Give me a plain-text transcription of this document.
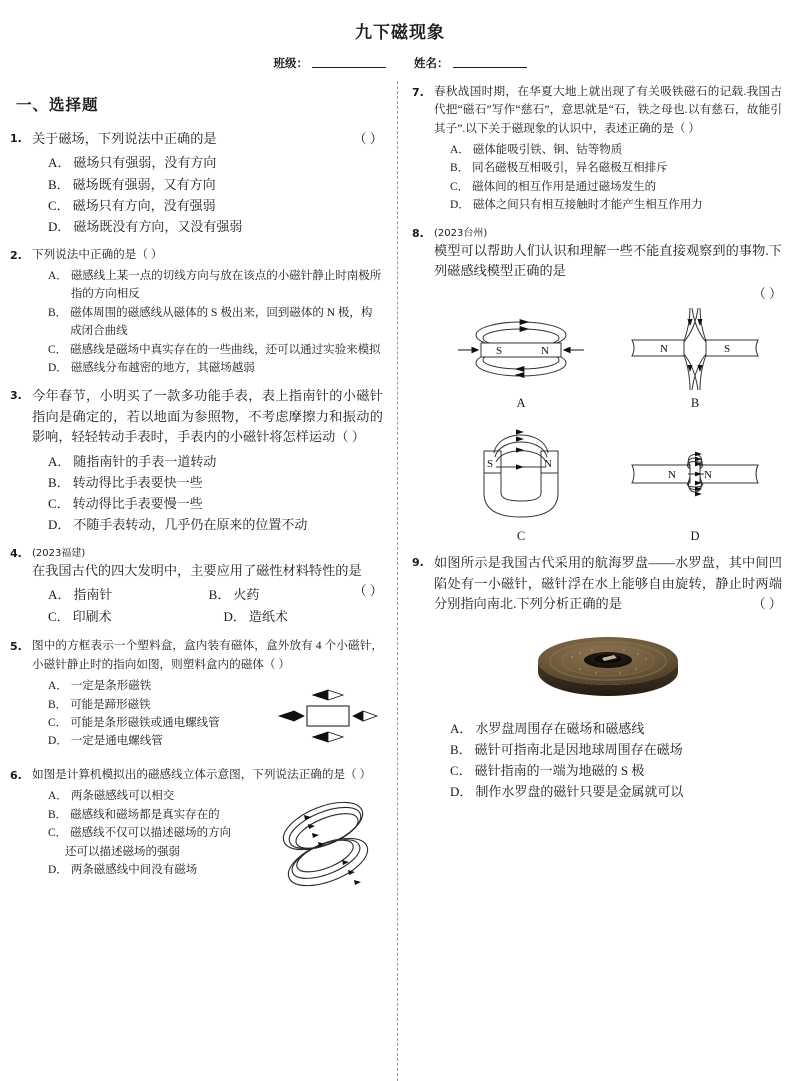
九下磁现象
班级：	姓名：
一、选择题
1. 关于磁场，下列说法中正确的是	（ ）
A． 磁场只有强弱，没有方向
B． 磁场既有强弱，又有方向
C． 磁场只有方向，没有强弱
D． 磁场既没有方向，又没有强弱
2. 下列说法中正确的是（ ）
A． 磁感线上某一点的切线方向与放在该点的小磁针静止时南极所指的方向相反
B． 磁体周围的磁感线从磁体的 S 极出来，回到磁体的 N 极，构成闭合曲线
C． 磁感线是磁场中真实存在的一些曲线，还可以通过实验来模拟
D． 磁感线分布越密的地方，其磁场越弱
3. 今年春节，小明买了一款多功能手表，表上指南针的小磁针指向是确定的，若以地面为参照物，不考虑摩擦力和振动的影响，轻轻转动手表时，手表内的小磁针将怎样运动（ ）
A． 随指南针的手表一道转动
B． 转动得比手表要快一些
C． 转动得比手表要慢一些
D． 不随手表转动，几乎仍在原来的位置不动
4.	(2023福建)
在我国古代的四大发明中，主要应用了磁性材料特性的是
（ ）
A． 指南针	B． 火药
C． 印刷术	D． 造纸术
5. 图中的方框表示一个塑料盒，盒内装有磁体，盒外放有 4 个小磁针，小磁针静止时的指向如图，则塑料盒内的磁体（ ）
A． 一定是条形磁铁
B． 可能是蹄形磁铁
C． 可能是条形磁铁或通电螺线管
D． 一定是通电螺线管
6. 如图是计算机模拟出的磁感线立体示意图，下列说法正确的是（ ）
A． 两条磁感线可以相交
B． 磁感线和磁场都是真实存在的
C． 磁感线不仅可以描述磁场的方向
还可以描述磁场的强弱
D． 两条磁感线中间没有磁场
7. 春秋战国时期，在华夏大地上就出现了有关吸铁磁石的记载.我国古代把“磁石”写作“慈石”，意思就是“石，铁之母也.以有慈石，故能引其子”.以下关于磁现象的认识中，表述正确的是（ ）
A． 磁体能吸引铁、铜、钴等物质
B． 同名磁极互相吸引，异名磁极互相排斥
C． 磁体间的相互作用是通过磁场发生的
D． 磁体之间只有相互接触时才能产生相互作用力
8.	(2023台州)
模型可以帮助人们认识和理解一些不能直接观察到的事物.下列磁感线模型正确的是
（ ）
S	N
A
N	S
B
S	N
C
N	N
D
9. 如图所示是我国古代采用的航海罗盘——水罗盘，其中间凹陷处有一小磁针，磁针浮在水上能够自由旋转，静止时两端分别指向南北.下列分析正确的是	（ ）
A． 水罗盘周围存在磁场和磁感线
B． 磁针可指南北是因地球周围存在磁场
C． 磁针指南的一端为地磁的 S 极
D． 制作水罗盘的磁针只要是金属就可以
